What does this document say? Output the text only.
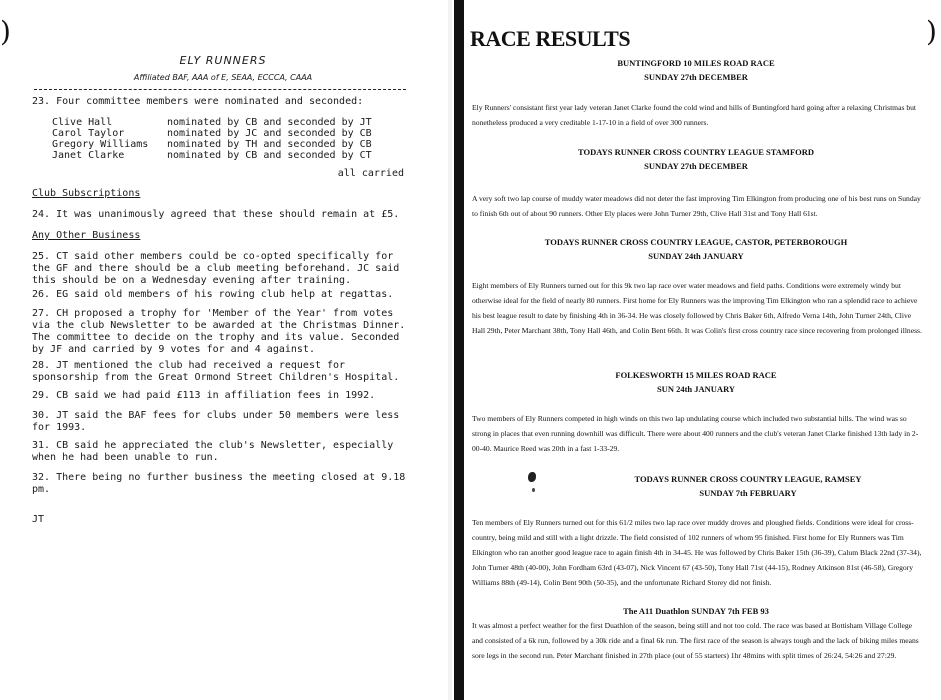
)	)
ELY RUNNERS
Affiliated BAF, AAA of E, SEAA, ECCCA, CAAA
23. Four committee members were nominated and seconded:
Clive Hall	nominated by CB and seconded by JT
Carol Taylor	nominated by JC and seconded by CB
Gregory Williams	nominated by TH and seconded by CB
Janet Clarke	nominated by CB and seconded by CT
all carried
Club Subscriptions
24. It was unanimously agreed that these should remain at £5.
Any Other Business
25. CT said other members could be co-opted specifically for the GF and there should be a club meeting beforehand. JC said this should be on a Wednesday evening after training.
26. EG said old members of his rowing club help at regattas.
27. CH proposed a trophy for 'Member of the Year' from votes via the club Newsletter to be awarded at the Christmas Dinner. The committee to decide on the trophy and its value. Seconded by JF and carried by 9 votes for and 4 against.
28. JT mentioned the club had received a request for sponsorship from the Great Ormond Street Children's Hospital.
29. CB said we had paid £113 in affiliation fees in 1992.
30. JT said the BAF fees for clubs under 50 members were less for 1993.
31. CB said he appreciated the club's Newsletter, especially when he had been unable to run.
32. There being no further business the meeting closed at 9.18 pm.
JT
RACE RESULTS
BUNTINGFORD 10 MILES ROAD RACE
SUNDAY 27th DECEMBER
Ely Runners' consistant first year lady veteran Janet Clarke found the cold wind and hills of Buntingford hard going after a relaxing Christmas but nonetheless produced a very creditable 1-17-10 in a field of over 300 runners.
TODAYS RUNNER CROSS COUNTRY LEAGUE STAMFORD
SUNDAY 27th DECEMBER
A very soft two lap course of muddy water meadows did not deter the fast improving Tim Elkington from producing one of his best runs on Sunday to finish 6th out of about 90 runners. Other Ely places were John Turner 29th, Clive Hall 31st and Tony Hall 61st.
TODAYS RUNNER CROSS COUNTRY LEAGUE, CASTOR, PETERBOROUGH
SUNDAY 24th JANUARY
Eight members of Ely Runners turned out for this 9k two lap race over water meadows and field paths. Conditions were extremely windy but otherwise ideal for the field of nearly 80 runners. First home for Ely Runners was the improving Tim Elkington who ran a splendid race to achieve his best league result to date by finishing 4th in 36-34. He was closely followed by Chris Baker 6th, Alfredo Verna 14th, John Turner 24th, Clive Hall 29th, Peter Marchant 38th, Tony Hall 46th, and Colin Bent 66th. It was Colin's first cross country race since recovering from prolonged illness.
FOLKESWORTH 15 MILES ROAD RACE
SUN 24th JANUARY
Two members of Ely Runners competed in high winds on this two lap undulating course which included two substantial hills. The wind was so strong in places that even running downhill was difficult. There were about 400 runners and the club's veteran Janet Clarke finished 13th lady in 2-00-40. Maurice Reed was 20th in a fast 1-33-29.
TODAYS RUNNER CROSS COUNTRY LEAGUE, RAMSEY
SUNDAY 7th FEBRUARY
Ten members of Ely Runners turned out for this 61/2 miles two lap race over muddy droves and ploughed fields. Conditions were ideal for cross-country, being mild and still with a light drizzle. The field consisted of 102 runners of whom 95 finished. First home for Ely Runners was Tim Elkington who ran another good league race to again finish 4th in 34-45. He was followed by Chris Baker 15th (36-39), Calum Black 22nd (37-34), John Turner 48th (40-00), John Fordham 63rd (43-07), Nick Vincent 67 (43-50), Tony Hall 71st (44-15), Rodney Atkinson 81st (46-58), Gregory Williams 88th (49-14), Colin Bent 90th (50-35), and the unfortunate Richard Storey did not finish.
The A11 Duathlon SUNDAY 7th FEB 93
It was almost a perfect weather for the first Duathlon of the season, being still and not too cold. The race was based at Bottisham Village College and consisted of a 6k run, followed by a 30k ride and a final 6k run. The first race of the season is always tough and the lack of biking miles means sore legs in the second run. Peter Marchant finished in 27th place (out of 55 starters) 1hr 48mins with split times of 26:24, 54:26 and 27:29.
